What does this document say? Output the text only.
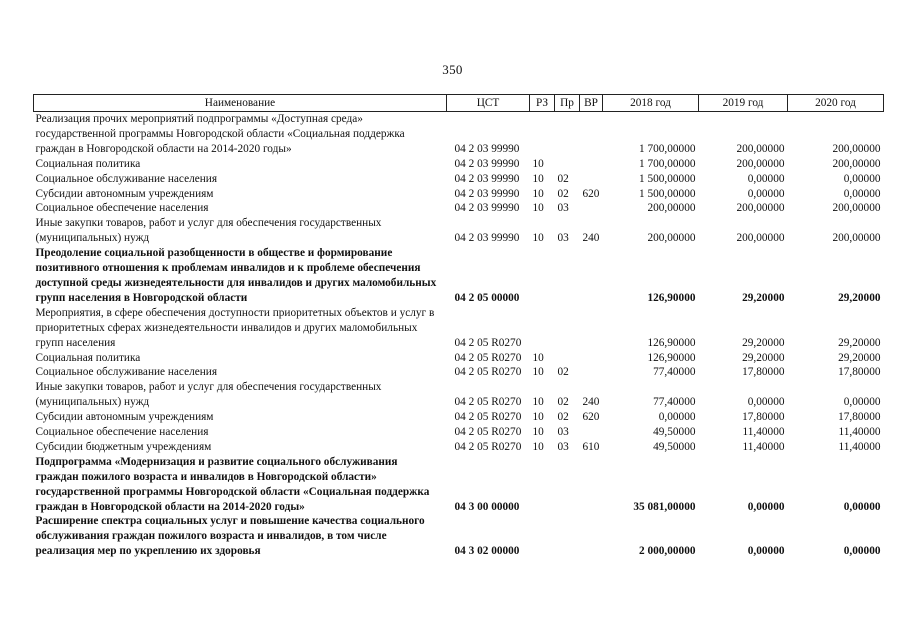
350
Наименование	ЦСТ	РЗ	Пр	ВР	2018 год	2019 год	2020 год
Реализация прочих мероприятий подпрограммы «Доступная среда» государственной программы Новгородской области «Социальная поддержка граждан в Новгородской области на 2014-2020 годы»	04 2 03 99990				1 700,00000	200,00000	200,00000
Социальная политика	04 2 03 99990	10			1 700,00000	200,00000	200,00000
Социальное обслуживание населения	04 2 03 99990	10	02		1 500,00000	0,00000	0,00000
Субсидии автономным учреждениям	04 2 03 99990	10	02	620	1 500,00000	0,00000	0,00000
Социальное обеспечение населения	04 2 03 99990	10	03		200,00000	200,00000	200,00000
Иные закупки товаров, работ и услуг для обеспечения государственных (муниципальных) нужд	04 2 03 99990	10	03	240	200,00000	200,00000	200,00000
Преодоление социальной разобщенности в обществе и формирование позитивного отношения к проблемам инвалидов и к проблеме обеспечения доступной среды жизнедеятельности для инвалидов и других маломобильных групп населения в Новгородской области	04 2 05 00000				126,90000	29,20000	29,20000
Мероприятия, в сфере обеспечения доступности приоритетных объектов и услуг в приоритетных сферах жизнедеятельности инвалидов и других маломобильных групп населения	04 2 05 R0270				126,90000	29,20000	29,20000
Социальная политика	04 2 05 R0270	10			126,90000	29,20000	29,20000
Социальное обслуживание населения	04 2 05 R0270	10	02		77,40000	17,80000	17,80000
Иные закупки товаров, работ и услуг для обеспечения государственных (муниципальных) нужд	04 2 05 R0270	10	02	240	77,40000	0,00000	0,00000
Субсидии автономным учреждениям	04 2 05 R0270	10	02	620	0,00000	17,80000	17,80000
Социальное обеспечение населения	04 2 05 R0270	10	03		49,50000	11,40000	11,40000
Субсидии бюджетным учреждениям	04 2 05 R0270	10	03	610	49,50000	11,40000	11,40000
Подпрограмма «Модернизация и развитие социального обслуживания граждан пожилого возраста и инвалидов в Новгородской области» государственной программы Новгородской области «Социальная поддержка граждан в Новгородской области на 2014-2020 годы»	04 3 00 00000				35 081,00000	0,00000	0,00000
Расширение спектра социальных услуг и повышение качества социального обслуживания граждан пожилого возраста и инвалидов, в том числе реализация мер по укреплению их здоровья	04 3 02 00000				2 000,00000	0,00000	0,00000
